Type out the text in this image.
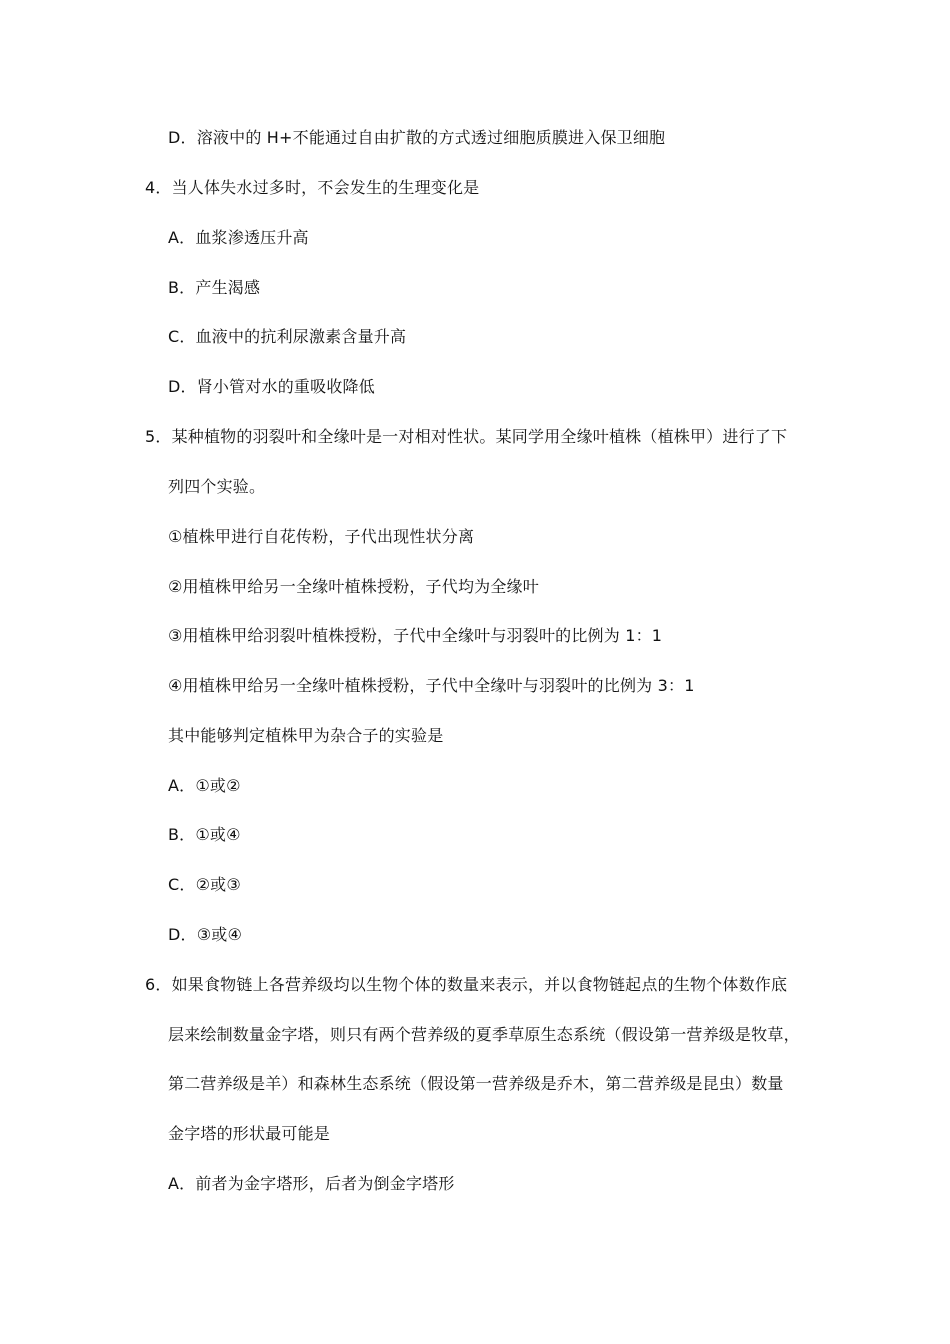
D．溶液中的 H+不能通过自由扩散的方式透过细胞质膜进入保卫细胞
4．当人体失水过多时，不会发生的生理变化是
A．血浆渗透压升高
B．产生渴感
C．血液中的抗利尿激素含量升高
D．肾小管对水的重吸收降低
5．某种植物的羽裂叶和全缘叶是一对相对性状。某同学用全缘叶植株（植株甲）进行了下
列四个实验。
①植株甲进行自花传粉，子代出现性状分离
②用植株甲给另一全缘叶植株授粉，子代均为全缘叶
③用植株甲给羽裂叶植株授粉，子代中全缘叶与羽裂叶的比例为 1：1
④用植株甲给另一全缘叶植株授粉，子代中全缘叶与羽裂叶的比例为 3：1
其中能够判定植株甲为杂合子的实验是
A．①或②
B．①或④
C．②或③
D．③或④
6．如果食物链上各营养级均以生物个体的数量来表示，并以食物链起点的生物个体数作底
层来绘制数量金字塔，则只有两个营养级的夏季草原生态系统（假设第一营养级是牧草，
第二营养级是羊）和森林生态系统（假设第一营养级是乔木，第二营养级是昆虫）数量
金字塔的形状最可能是
A．前者为金字塔形，后者为倒金字塔形
